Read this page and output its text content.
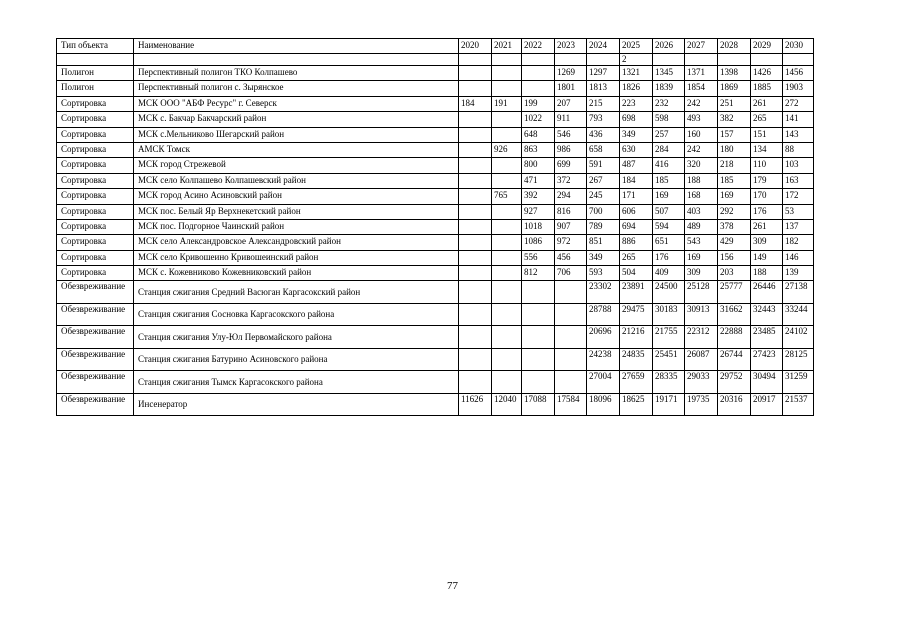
Тип объекта	Наименование	2020	2021	2022	2023	2024	2025	2026	2027	2028	2029	2030
							2					
Полигон	Перспективный полигон ТКО Колпашево				1269	1297	1321	1345	1371	1398	1426	1456
Полигон	Перспективный полигон с. Зырянское				1801	1813	1826	1839	1854	1869	1885	1903
Сортировка	МСК ООО "АБФ Ресурс" г. Северск	184	191	199	207	215	223	232	242	251	261	272
Сортировка	МСК с. Бакчар Бакчарский район			1022	911	793	698	598	493	382	265	141
Сортировка	МСК с.Мельниково Шегарский район			648	546	436	349	257	160	157	151	143
Сортировка	АМСК Томск		926	863	986	658	630	284	242	180	134	88
Сортировка	МСК город Стрежевой			800	699	591	487	416	320	218	110	103
Сортировка	МСК село Колпашево Колпашевский район			471	372	267	184	185	188	185	179	163
Сортировка	МСК город Асино Асиновский район		765	392	294	245	171	169	168	169	170	172
Сортировка	МСК пос. Белый Яр Верхнекетский район			927	816	700	606	507	403	292	176	53
Сортировка	МСК пос. Подгорное Чаинский район			1018	907	789	694	594	489	378	261	137
Сортировка	МСК село Александровское Александровский район			1086	972	851	886	651	543	429	309	182
Сортировка	МСК село Кривошеино Кривошеинский район			556	456	349	265	176	169	156	149	146
Сортировка	МСК с. Кожевниково Кожевниковский район			812	706	593	504	409	309	203	188	139
Обезвреживание	Станция сжигания Средний Васюган Каргасокский район					23302	23891	24500	25128	25777	26446	27138
Обезвреживание	Станция сжигания Сосновка Каргасокского района					28788	29475	30183	30913	31662	32443	33244
Обезвреживание	Станция сжигания Улу-Юл Первомайского района					20696	21216	21755	22312	22888	23485	24102
Обезвреживание	Станция сжигания Батурино Асиновского района					24238	24835	25451	26087	26744	27423	28125
Обезвреживание	Станция сжигания Тымск Каргасокского района					27004	27659	28335	29033	29752	30494	31259
Обезвреживание	Инсенератор	11626	12040	17088	17584	18096	18625	19171	19735	20316	20917	21537
77
